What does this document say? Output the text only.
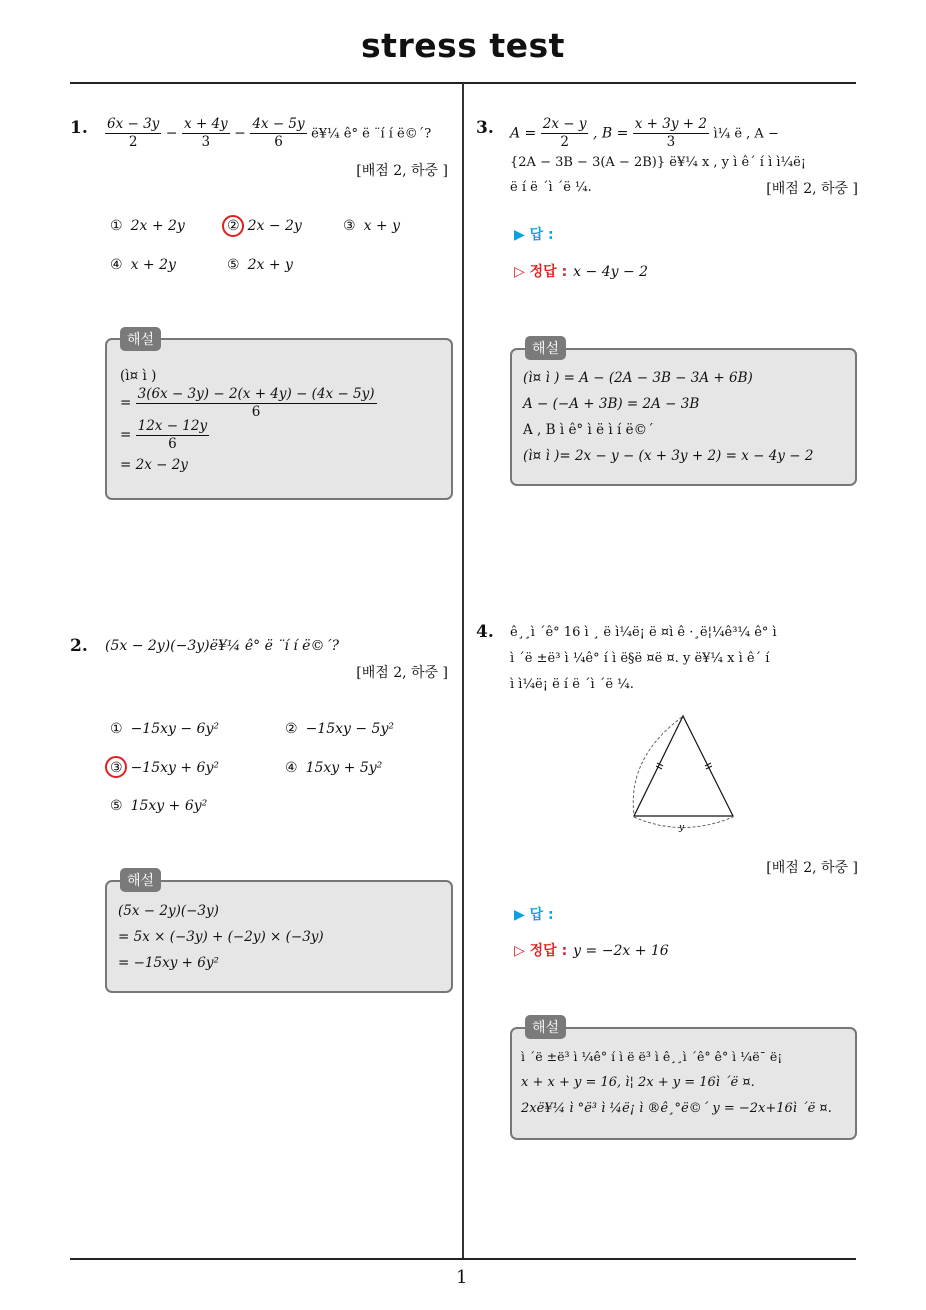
stress test
1. $\frac{6x - 3y}{2} - \frac{x + 4y}{3} - \frac{4x - 5y}{6}$ ë¥¼ ê° ë ¨í í ë©´?
[배점 2, 하중 ]
① 2x + 2y	② 2x − 2y	③ x + y
④ x + 2y	⑤ 2x + y
해설
(ì¤ ì )
= $\frac{3(6x - 3y) - 2(x + 4y) - (4x - 5y)}{6}$
= $\frac{12x - 12y}{6}$
= 2x − 2y
2. (5x − 2y)(−3y)ë¥¼ ê° ë ¨í í ë©´?
[배점 2, 하중 ]
① −15xy − 6y²	② −15xy − 5y²
③ −15xy + 6y²	④ 15xy + 5y²
⑤ 15xy + 6y²
해설
(5x − 2y)(−3y)
= 5x × (−3y) + (−2y) × (−3y)
= −15xy + 6y²
3. $A = \frac{2x - y}{2}$ , $B = \frac{x + 3y + 2}{3}$ ì¼ ë , A −
{2A − 3B − 3(A − 2B)} ë¥¼ x , y ì ê´ í ì ì¼ë¡
ë í ë ´ì ´ë ¼.	[배점 2, 하중 ]
▶ 답 :
▷ 정답 : x − 4y − 2
해설
(ì¤ ì ) = A − (2A − 3B − 3A + 6B)
A − (−A + 3B) = 2A − 3B
A , B ì ê° ì ë ì í ë©´
(ì¤ ì )= 2x − y − (x + 3y + 2) = x − 4y − 2
4. ê¸¸ì ´ê° 16 ì ¸ ë ì¼ë¡ ë ¤ì ê ·¸ë¦¼ê³¼ ê° ì
ì ´ë ±ë³ ì ¼ê° í ì ë§ë ¤ë ¤. y ë¥¼ x ì ê´ í
ì ì¼ë¡ ë í ë ´ì ´ë ¼.
y
[배점 2, 하중 ]
▶ 답 :
▷ 정답 : y = −2x + 16
해설
ì ´ë ±ë³ ì ¼ê° í ì ë ë³ ì ê¸¸ì ´ê° ê° ì ¼ë¯ ë¡
x + x + y = 16, ì¦ 2x + y = 16ì ´ë ¤.
2xë¥¼ ì °ë³ ì ¼ë¡ ì ®ê¸°ë©´ y = −2x+16ì ´ë ¤.
1
